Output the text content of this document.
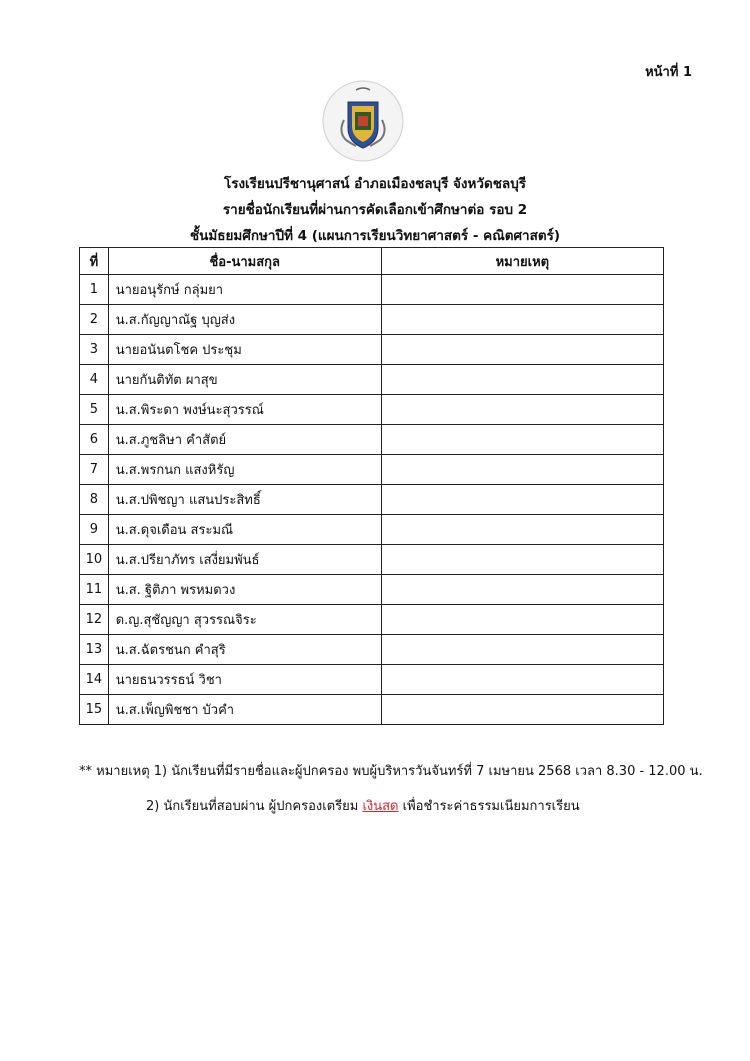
หน้าที่ 1
โรงเรียนปรีชานุศาสน์ อำภอเมืองชลบุรี จังหวัดชลบุรี
รายชื่อนักเรียนที่ผ่านการคัดเลือกเข้าศึกษาต่อ รอบ 2
ชั้นมัธยมศึกษาปีที่ 4 (แผนการเรียนวิทยาศาสตร์ - คณิตศาสตร์)
ที่	ชื่อ-นามสกุล	หมายเหตุ
1	นายอนุรักษ์ กลุ่มยา	
2	น.ส.กัญญาณัฐ บุญส่ง	
3	นายอนันตโชค ประชุม	
4	นายกันติทัต ผาสุข	
5	น.ส.พิระดา พงษ์นะสุวรรณ์	
6	น.ส.ภูชลิษา คำสัตย์	
7	น.ส.พรกนก แสงหิรัญ	
8	น.ส.ปพิชญา แสนประสิทธิ์	
9	น.ส.ดุจเดือน สระมณี	
10	น.ส.ปรียาภัทร เสงี่ยมพันธ์	
11	น.ส. ฐิติภา พรหมดวง	
12	ด.ญ.สุชัญญา สุวรรณจิระ	
13	น.ส.ฉัตรชนก คำสุริ	
14	นายธนวรรธน์ วิชา	
15	น.ส.เพ็ญพิชชา บัวคำ	
** หมายเหตุ 1) นักเรียนที่มีรายชื่อและผู้ปกครอง พบผู้บริหารวันจันทร์ที่ 7 เมษายน 2568 เวลา 8.30 - 12.00 น.
2) นักเรียนที่สอบผ่าน ผู้ปกครองเตรียม เงินสด เพื่อชำระค่าธรรมเนียมการเรียน
